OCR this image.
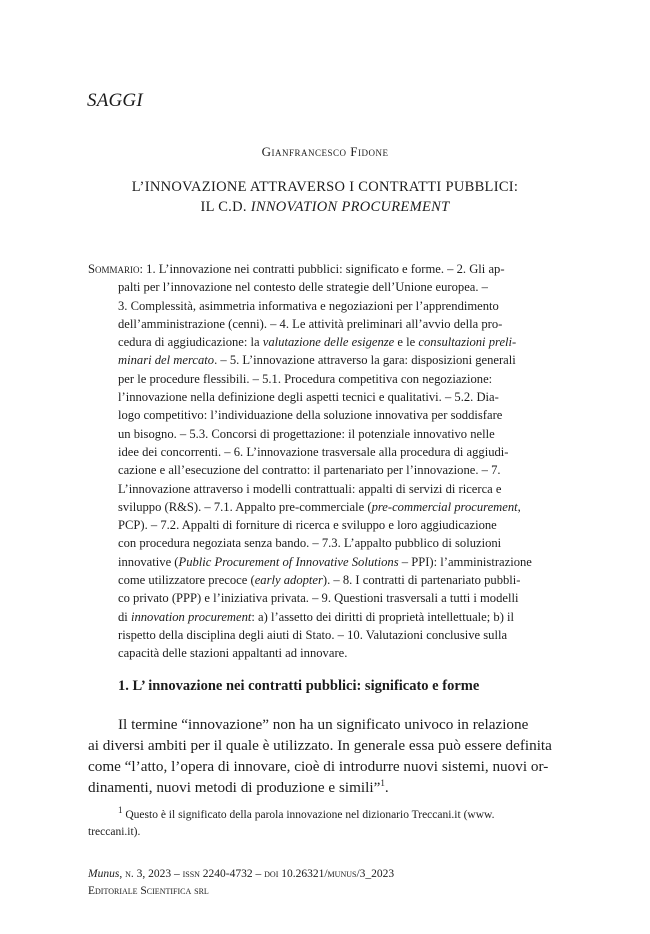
SAGGI

Gianfrancesco Fidone

L’INNOVAZIONE ATTRAVERSO I CONTRATTI PUBBLICI:
IL C.D. INNOVATION PROCUREMENT
Sommario: 1. L’innovazione nei contratti pubblici: significato e forme. – 2. Gli ap-
palti per l’innovazione nel contesto delle strategie dell’Unione europea. –
3. Complessità, asimmetria informativa e negoziazioni per l’apprendimento
dell’amministrazione (cenni). – 4. Le attività preliminari all’avvio della pro-
cedura di aggiudicazione: la valutazione delle esigenze e le consultazioni preli-
minari del mercato. – 5. L’innovazione attraverso la gara: disposizioni generali
per le procedure flessibili. – 5.1. Procedura competitiva con negoziazione:
l’innovazione nella definizione degli aspetti tecnici e qualitativi. – 5.2. Dia-
logo competitivo: l’individuazione della soluzione innovativa per soddisfare
un bisogno. – 5.3. Concorsi di progettazione: il potenziale innovativo nelle
idee dei concorrenti. – 6. L’innovazione trasversale alla procedura di aggiudi-
cazione e all’esecuzione del contratto: il partenariato per l’innovazione. – 7.
L’innovazione attraverso i modelli contrattuali: appalti di servizi di ricerca e
sviluppo (R&S). – 7.1. Appalto pre-commerciale (pre-commercial procurement,
PCP). – 7.2. Appalti di forniture di ricerca e sviluppo e loro aggiudicazione
con procedura negoziata senza bando. – 7.3. L’appalto pubblico di soluzioni
innovative (Public Procurement of Innovative Solutions – PPI): l’amministrazione
come utilizzatore precoce (early adopter). – 8. I contratti di partenariato pubbli-
co privato (PPP) e l’iniziativa privata. – 9. Questioni trasversali a tutti i modelli
di innovation procurement: a) l’assetto dei diritti di proprietà intellettuale; b) il
rispetto della disciplina degli aiuti di Stato. – 10. Valutazioni conclusive sulla
capacità delle stazioni appaltanti ad innovare.
1. L’ innovazione nei contratti pubblici: significato e forme
Il termine “innovazione” non ha un significato univoco in relazione
ai diversi ambiti per il quale è utilizzato. In generale essa può essere definita
come “l’atto, l’opera di innovare, cioè di introdurre nuovi sistemi, nuovi or-
dinamenti, nuovi metodi di produzione e simili”$^1$.
$^1$ Questo è il significato della parola innovazione nel dizionario Treccani.it (www.
treccani.it).
Munus, n. 3, 2023 – issn 2240-4732 – doi 10.26321/munus/3_2023
Editoriale Scientifica srl
